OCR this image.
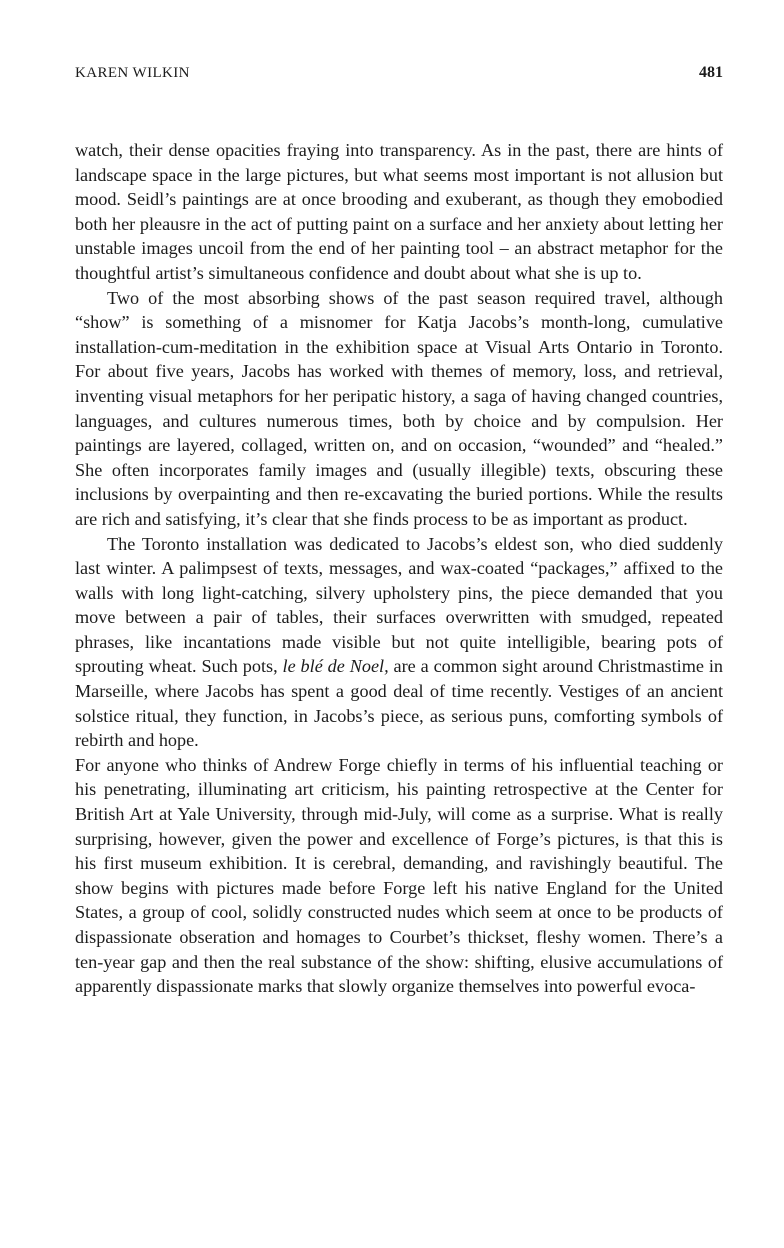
KAREN WILKIN	481

watch, their dense opacities fraying into transparency. As in the past, there are hints of landscape space in the large pictures, but what seems most important is not allusion but mood. Seidl’s paintings are at once brooding and exuberant, as though they emobodied both her pleausre in the act of putting paint on a surface and her anxiety about letting her unstable images uncoil from the end of her painting tool – an abstract metaphor for the thoughtful artist’s simultaneous confidence and doubt about what she is up to.

Two of the most absorbing shows of the past season required travel, although “show” is something of a misnomer for Katja Jacobs’s month-long, cumulative installation-cum-meditation in the exhibition space at Visual Arts Ontario in Toronto. For about five years, Jacobs has worked with themes of memory, loss, and retrieval, inventing visual metaphors for her peripatic history, a saga of having changed countries, languages, and cultures numerous times, both by choice and by compulsion. Her paintings are layered, collaged, written on, and on occasion, “wounded” and “healed.” She often incorporates family images and (usually illegible) texts, obscuring these inclusions by overpainting and then re-excavating the buried portions. While the results are rich and satisfying, it’s clear that she finds process to be as important as product.

The Toronto installation was dedicated to Jacobs’s eldest son, who died suddenly last winter. A palimpsest of texts, messages, and wax-coated “packages,” affixed to the walls with long light-catching, silvery upholstery pins, the piece demanded that you move between a pair of tables, their surfaces overwritten with smudged, repeated phrases, like incantations made visible but not quite intelligible, bearing pots of sprouting wheat. Such pots, le blé de Noel, are a common sight around Christmastime in Marseille, where Jacobs has spent a good deal of time recently. Vestiges of an ancient solstice ritual, they function, in Jacobs’s piece, as serious puns, comforting symbols of rebirth and hope.

For anyone who thinks of Andrew Forge chiefly in terms of his influential teaching or his penetrating, illuminating art criticism, his painting retrospective at the Center for British Art at Yale University, through mid-July, will come as a surprise. What is really surprising, however, given the power and excellence of Forge’s pictures, is that this is his first museum exhibition. It is cerebral, demanding, and ravishingly beautiful. The show begins with pictures made before Forge left his native England for the United States, a group of cool, solidly constructed nudes which seem at once to be products of dispassionate obseration and homages to Courbet’s thickset, fleshy women. There’s a ten-year gap and then the real substance of the show: shifting, elusive accumulations of apparently dispassionate marks that slowly organize themselves into powerful evoca-
